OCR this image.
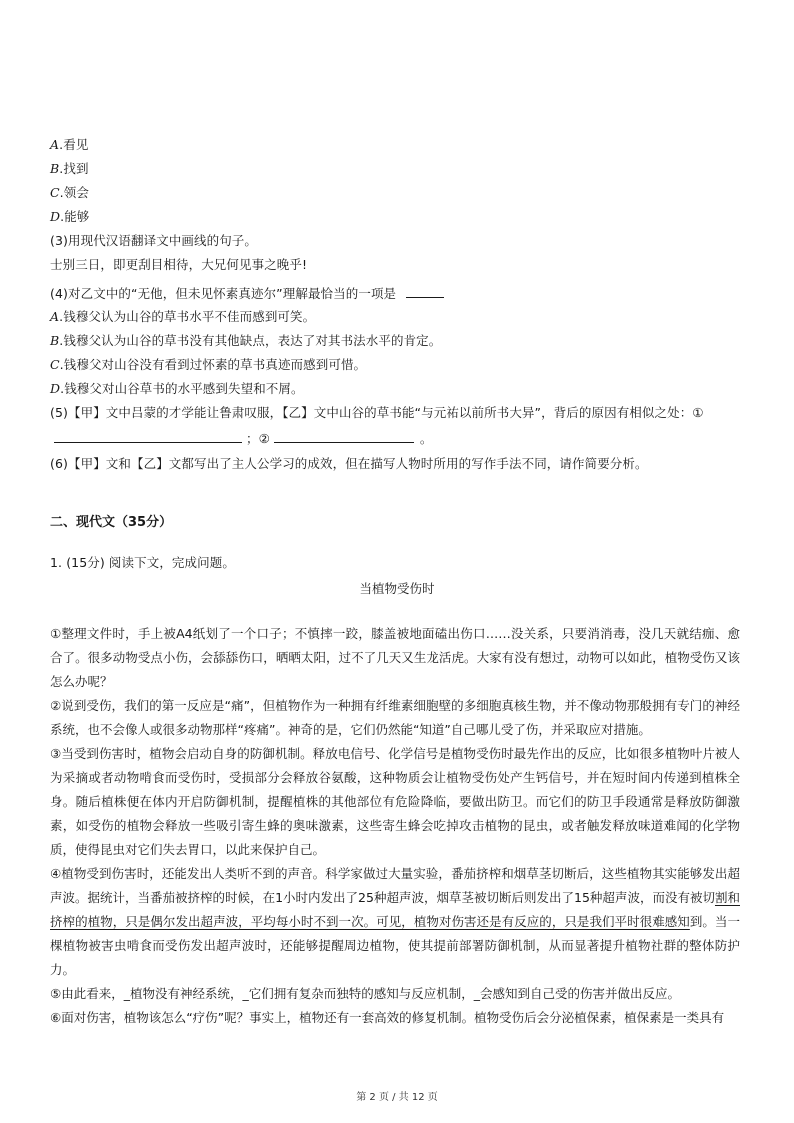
A.看见
B.找到
C.领会
D.能够
(3)用现代汉语翻译文中画线的句子。
士别三日，即更刮目相待，大兄何见事之晚乎!
(4)对乙文中的“无他，但未见怀素真迹尔”理解最恰当的一项是
A.钱穆父认为山谷的草书水平不佳而感到可笑。
B.钱穆父认为山谷的草书没有其他缺点，表达了对其书法水平的肯定。
C.钱穆父对山谷没有看到过怀素的草书真迹而感到可惜。
D.钱穆父对山谷草书的水平感到失望和不屑。
(5)【甲】文中吕蒙的才学能让鲁肃叹服，【乙】文中山谷的草书能“与元祐以前所书大异”，背后的原因有相似之处：①
；②	。
(6)【甲】文和【乙】文都写出了主人公学习的成效，但在描写人物时所用的写作手法不同，请作简要分析。
二、现代文（35分）
1. (15分) 阅读下文，完成问题。
当植物受伤时
①整理文件时，手上被A4纸划了一个口子；不慎摔一跤，膝盖被地面磕出伤口……没关系，只要消消毒，没几天就结痂、愈合了。很多动物受点小伤，会舔舔伤口，晒晒太阳，过不了几天又生龙活虎。大家有没有想过，动物可以如此，植物受伤又该怎么办呢？
②说到受伤，我们的第一反应是“痛”，但植物作为一种拥有纤维素细胞壁的多细胞真核生物，并不像动物那般拥有专门的神经系统，也不会像人或很多动物那样“疼痛”。神奇的是，它们仍然能“知道”自己哪儿受了伤，并采取应对措施。
③当受到伤害时，植物会启动自身的防御机制。释放电信号、化学信号是植物受伤时最先作出的反应，比如很多植物叶片被人为采摘或者动物啃食而受伤时，受损部分会释放谷氨酸，这种物质会让植物受伤处产生钙信号，并在短时间内传递到植株全身。随后植株便在体内开启防御机制，提醒植株的其他部位有危险降临，要做出防卫。而它们的防卫手段通常是释放防御激素，如受伤的植物会释放一些吸引寄生蜂的奥味激素，这些寄生蜂会吃掉攻击植物的昆虫，或者触发释放味道难闻的化学物质，使得昆虫对它们失去胃口，以此来保护自己。
④植物受到伤害时，还能发出人类听不到的声音。科学家做过大量实验，番茄挤榨和烟草茎切断后，这些植物其实能够发出超声波。据统计，当番茄被挤榨的时候，在1小时内发出了25种超声波，烟草茎被切断后则发出了15种超声波，而没有被切割和挤榨的植物，只是偶尔发出超声波，平均每小时不到一次。可见，植物对伤害还是有反应的，只是我们平时很难感知到。当一棵植物被害虫啃食而受伤发出超声波时，还能够提醒周边植物，使其提前部署防御机制，从而显著提升植物社群的整体防护力。
⑤由此看来，_植物没有神经系统，_它们拥有复杂而独特的感知与反应机制，_会感知到自己受的伤害并做出反应。
⑥面对伤害，植物该怎么“疗伤”呢？事实上，植物还有一套高效的修复机制。植物受伤后会分泌植保素，植保素是一类具有
第 2 页 / 共 12 页
